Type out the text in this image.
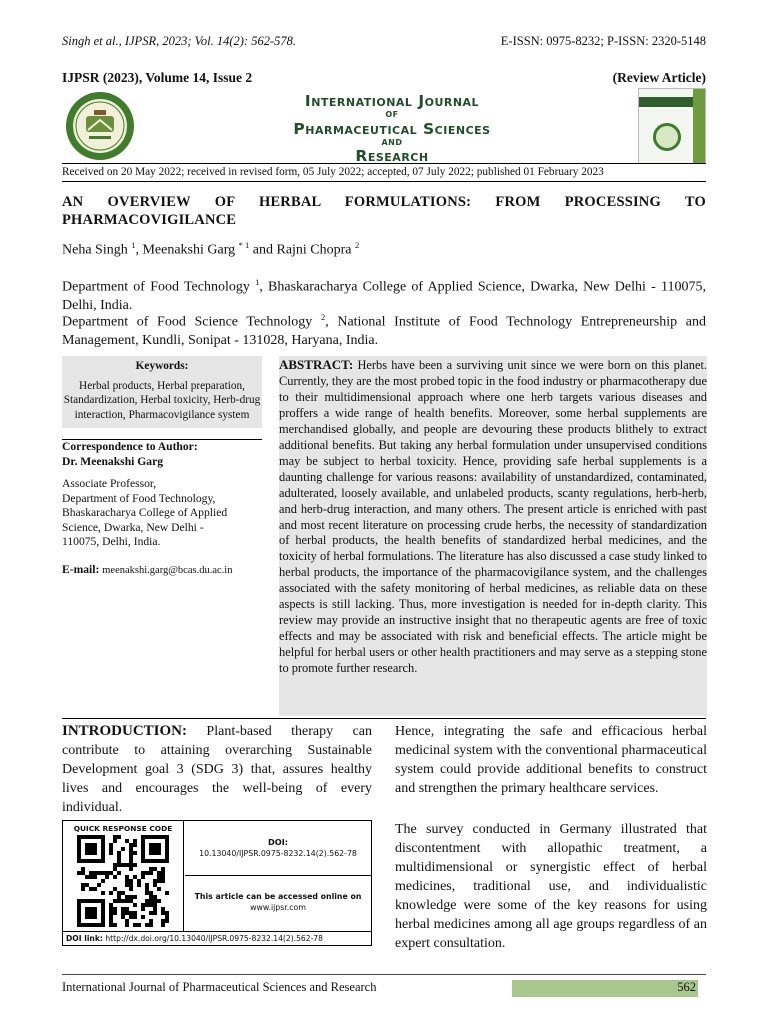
Singh et al., IJPSR, 2023; Vol. 14(2): 562-578.	E-ISSN: 0975-8232; P-ISSN: 2320-5148
IJPSR (2023), Volume 14, Issue 2	(Review Article)
International Journal
OF
Pharmaceutical Sciences
AND
Research
Received on 20 May 2022; received in revised form, 05 July 2022; accepted, 07 July 2022; published 01 February 2023
AN OVERVIEW OF HERBAL FORMULATIONS: FROM PROCESSING TO
PHARMACOVIGILANCE
Neha Singh $^1$, Meenakshi Garg $^{* 1}$ and Rajni Chopra $^2$
Department of Food Technology $^1$, Bhaskaracharya College of Applied Science, Dwarka, New Delhi - 110075, Delhi, India.
Department of Food Science Technology $^2$, National Institute of Food Technology Entrepreneurship and Management, Kundli, Sonipat - 131028, Haryana, India.
Keywords:
Herbal products, Herbal preparation, Standardization, Herbal toxicity, Herb-drug interaction, Pharmacovigilance system
Correspondence to Author:
Dr. Meenakshi Garg
Associate Professor,
Department of Food Technology,
Bhaskaracharya College of Applied
Science, Dwarka, New Delhi -
110075, Delhi, India.
E-mail: meenakshi.garg@bcas.du.ac.in
ABSTRACT: Herbs have been a surviving unit since we were born on this planet. Currently, they are the most probed topic in the food industry or pharmacotherapy due to their multidimensional approach where one herb targets various diseases and proffers a wide range of health benefits. Moreover, some herbal supplements are merchandised globally, and people are devouring these products blithely to extract additional benefits. But taking any herbal formulation under unsupervised conditions may be subject to herbal toxicity. Hence, providing safe herbal supplements is a daunting challenge for various reasons: availability of unstandardized, contaminated, adulterated, loosely available, and unlabeled products, scanty regulations, herb-herb, and herb-drug interaction, and many others. The present article is enriched with past and most recent literature on processing crude herbs, the necessity of standardization of herbal products, the health benefits of standardized herbal medicines, and the toxicity of herbal formulations. The literature has also discussed a case study linked to herbal products, the importance of the pharmacovigilance system, and the challenges associated with the safety monitoring of herbal medicines, as reliable data on these aspects is still lacking. Thus, more investigation is needed for in-depth clarity. This review may provide an instructive insight that no therapeutic agents are free of toxic effects and may be associated with risk and beneficial effects. The article might be helpful for herbal users or other health practitioners and may serve as a stepping stone to promote further research.
INTRODUCTION: Plant-based therapy can contribute to attaining overarching Sustainable Development goal 3 (SDG 3) that, assures healthy lives and encourages the well-being of every individual.
QUICK RESPONSE CODE
DOI:
10.13040/IJPSR.0975-8232.14(2).562-78
This article can be accessed online on
www.ijpsr.com
DOI link: http://dx.doi.org/10.13040/IJPSR.0975-8232.14(2).562-78
Hence, integrating the safe and efficacious herbal medicinal system with the conventional pharmaceutical system could provide additional benefits to construct and strengthen the primary healthcare services.
The survey conducted in Germany illustrated that discontentment with allopathic treatment, a multidimensional or synergistic effect of herbal medicines, traditional use, and individualistic knowledge were some of the key reasons for using herbal medicines among all age groups regardless of an expert consultation.
International Journal of Pharmaceutical Sciences and Research	562
